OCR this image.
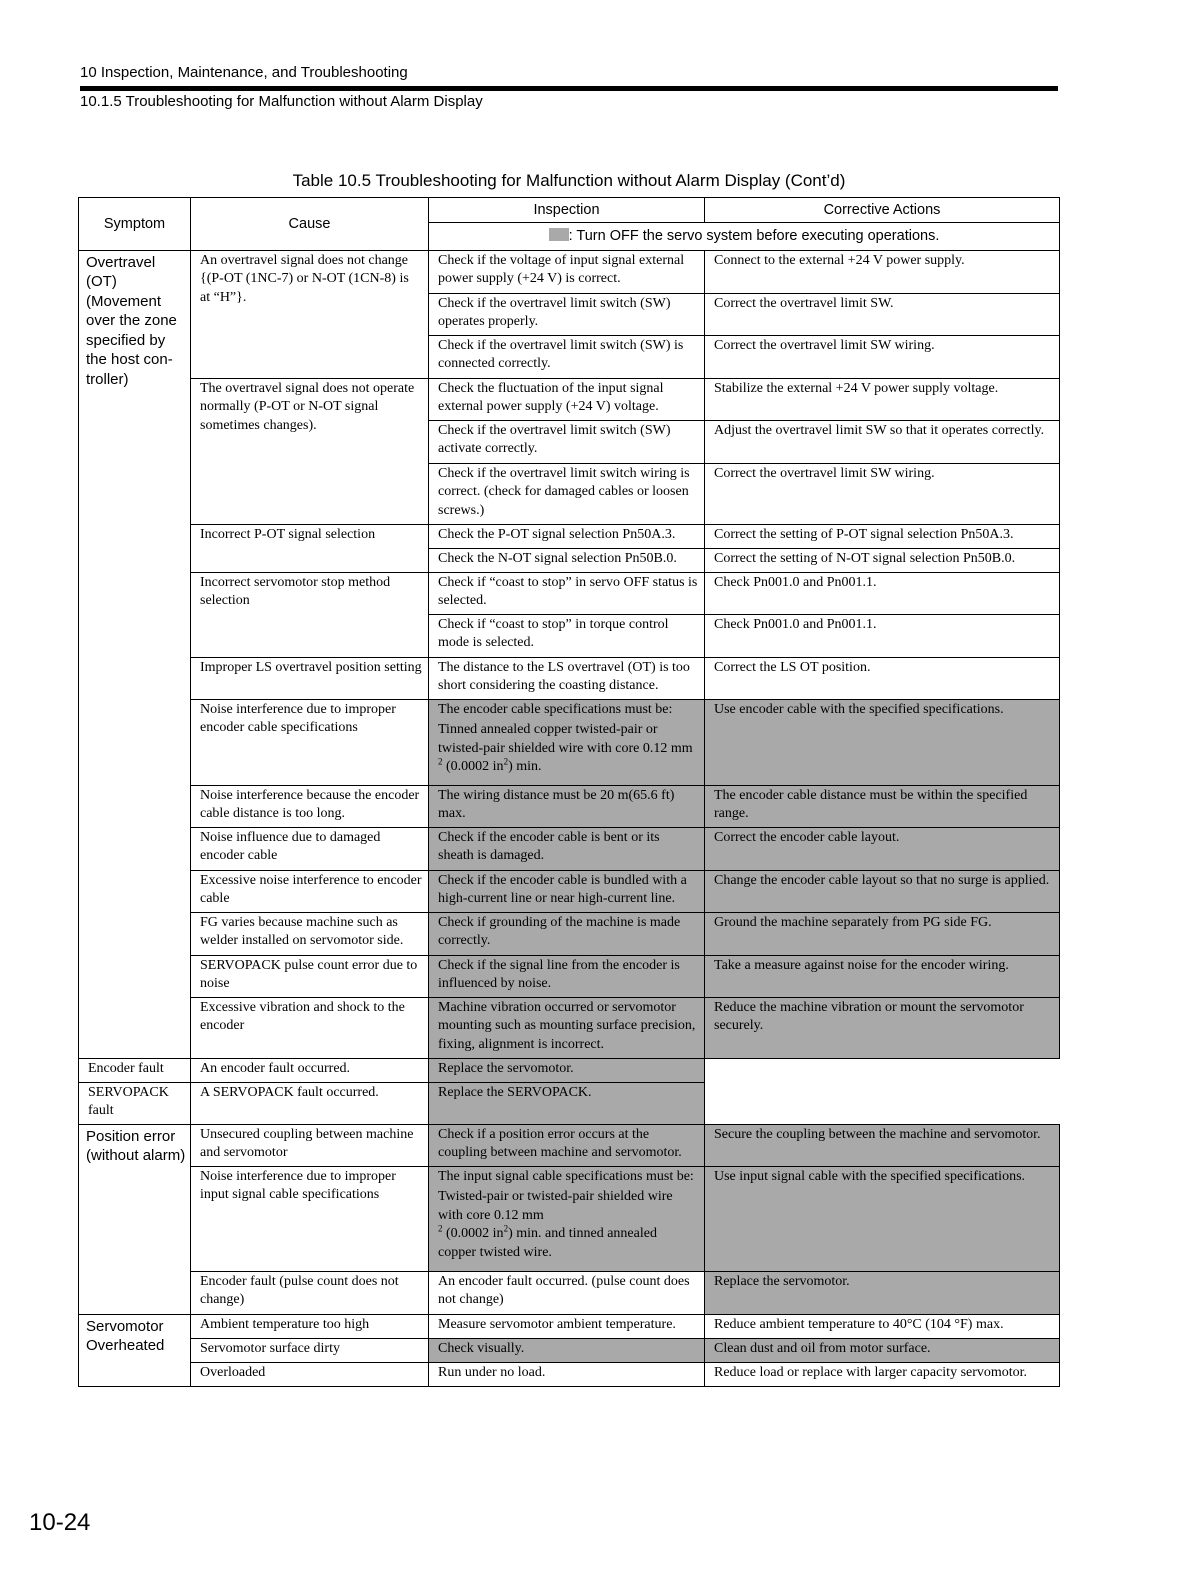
10 Inspection, Maintenance, and Troubleshooting
10.1.5 Troubleshooting for Malfunction without Alarm Display
Table 10.5 Troubleshooting for Malfunction without Alarm Display (Cont’d)
Symptom	Cause	Inspection	Corrective Actions
		: Turn OFF the servo system before executing operations.	
Overtravel (OT) (Movement over the zone specified by the host con-troller)	An overtravel signal does not change {(P-OT (1NC-7) or N-OT (1CN-8) is at “H”}.	Check if the voltage of input signal external power supply (+24 V) is correct.	Connect to the external +24 V power supply.
		Check if the overtravel limit switch (SW) operates properly.	Correct the overtravel limit SW.
		Check if the overtravel limit switch (SW) is connected correctly.	Correct the overtravel limit SW wiring.
	The overtravel signal does not operate normally (P-OT or N-OT signal sometimes changes).	Check the fluctuation of the input signal external power supply (+24 V) voltage.	Stabilize the external +24 V power supply voltage.
		Check if the overtravel limit switch (SW) activate correctly.	Adjust the overtravel limit SW so that it operates correctly.
		Check if the overtravel limit switch wiring is correct. (check for damaged cables or loosen screws.)	Correct the overtravel limit SW wiring.
	Incorrect P-OT signal selection	Check the P-OT signal selection Pn50A.3.	Correct the setting of P-OT signal selection Pn50A.3.
		Check the N-OT signal selection Pn50B.0.	Correct the setting of N-OT signal selection Pn50B.0.
	Incorrect servomotor stop method selection	Check if “coast to stop” in servo OFF status is selected.	Check Pn001.0 and Pn001.1.
		Check if “coast to stop” in torque control mode is selected.	Check Pn001.0 and Pn001.1.
	Improper LS overtravel position setting	The distance to the LS overtravel (OT) is too short considering the coasting distance.	Correct the LS OT position.
	Noise interference due to improper encoder cable specifications	The encoder cable specifications must be:
Tinned annealed copper twisted-pair or twisted-pair shielded wire with core 0.12 mm
$^2$ (0.0002 $in^2$) min.	Use encoder cable with the specified specifications.
	Noise interference because the encoder cable distance is too long.	The wiring distance must be 20 m(65.6 ft) max.	The encoder cable distance must be within the specified range.
	Noise influence due to damaged encoder cable	Check if the encoder cable is bent or its sheath is damaged.	Correct the encoder cable layout.
	Excessive noise interference to encoder cable	Check if the encoder cable is bundled with a high-current line or near high-current line.	Change the encoder cable layout so that no surge is applied.
	FG varies because machine such as welder installed on servomotor side.	Check if grounding of the machine is made correctly.	Ground the machine separately from PG side FG.
	SERVOPACK pulse count error due to noise	Check if the signal line from the encoder is influenced by noise.	Take a measure against noise for the encoder wiring.
	Excessive vibration and shock to the encoder	Machine vibration occurred or servomotor mounting such as mounting surface precision, fixing, alignment is incorrect.	Reduce the machine vibration or mount the servomotor securely.
Encoder fault	An encoder fault occurred.	Replace the servomotor.	
SERVOPACK fault	A SERVOPACK fault occurred.	Replace the SERVOPACK.	
Position error (without alarm)	Unsecured coupling between machine and servomotor	Check if a position error occurs at the coupling between machine and servomotor.	Secure the coupling between the machine and servomotor.
	Noise interference due to improper input signal cable specifications	The input signal cable specifications must be:
Twisted-pair or twisted-pair shielded wire with core 0.12 mm
$^2$ (0.0002 $in^2$) min. and tinned annealed copper twisted wire.	Use input signal cable with the specified specifications.
	Encoder fault (pulse count does not change)	An encoder fault occurred. (pulse count does not change)	Replace the servomotor.
Servomotor Overheated	Ambient temperature too high	Measure servomotor ambient temperature.	Reduce ambient temperature to 40°C (104 °F) max.
	Servomotor surface dirty	Check visually.	Clean dust and oil from motor surface.
	Overloaded	Run under no load.	Reduce load or replace with larger capacity servomotor.
10-24
